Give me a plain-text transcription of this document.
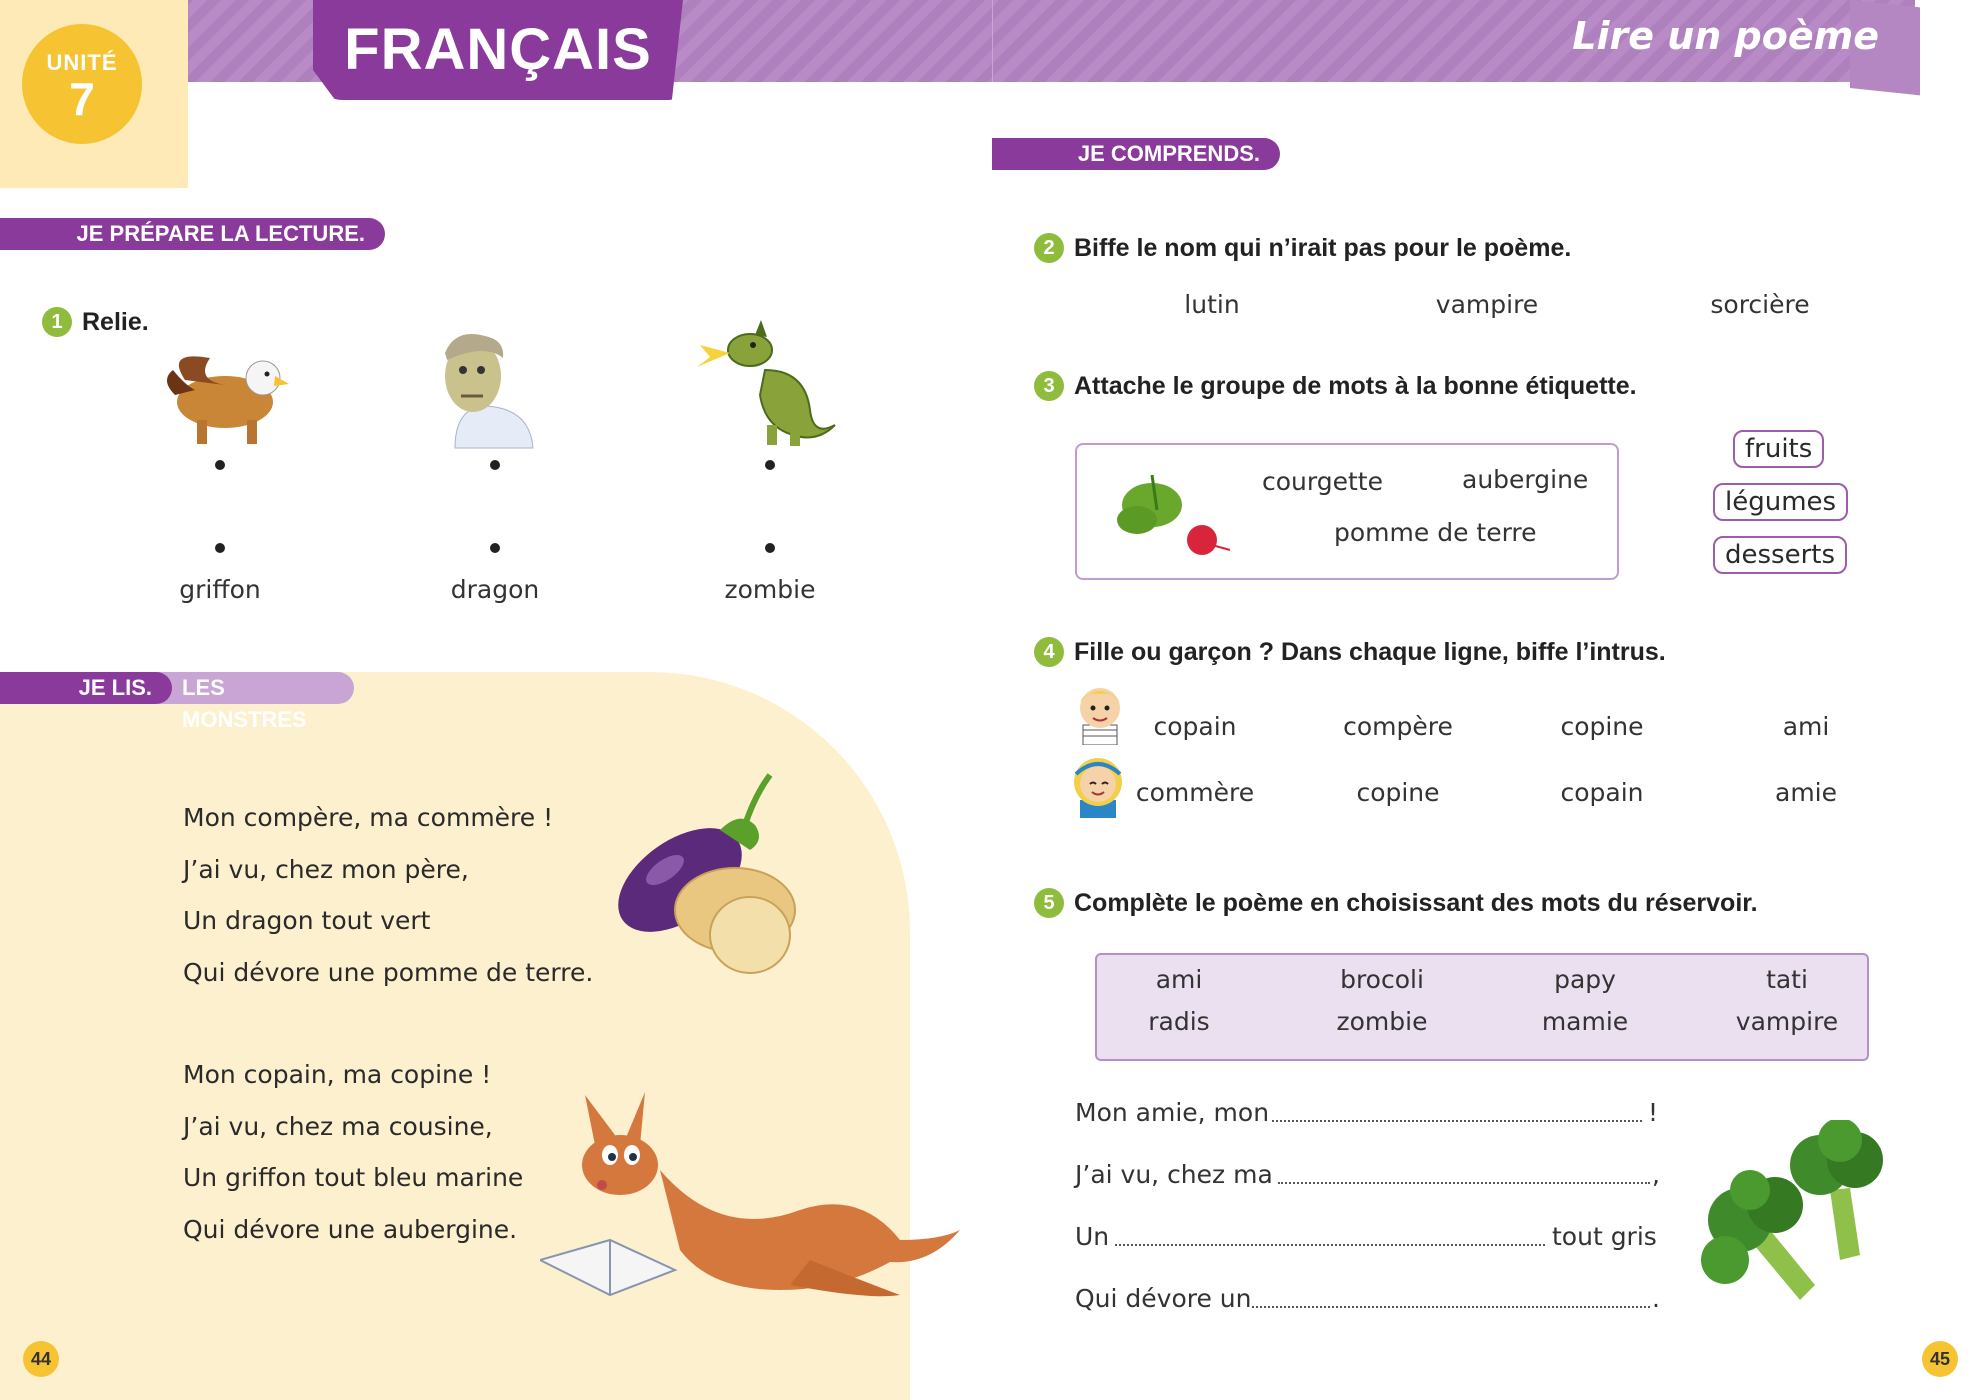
UNITÉ
7
FRANÇAIS	Lire un poème
JE PRÉPARE LA LECTURE.
1 Relie.
griffon	dragon	zombie
JE LIS.	LES MONSTRES
Mon compère, ma commère !
J’ai vu, chez mon père,
Un dragon tout vert
Qui dévore une pomme de terre.
Mon copain, ma copine !
J’ai vu, chez ma cousine,
Un griffon tout bleu marine
Qui dévore une aubergine.
44
JE COMPRENDS.
2 Biffe le nom qui n’irait pas pour le poème.
lutin	vampire	sorcière
3 Attache le groupe de mots à la bonne étiquette.
courgette	aubergine
pomme de terre
fruits
légumes
desserts
4 Fille ou garçon ? Dans chaque ligne, biffe l’intrus.
copain	compère	copine	ami
commère	copine	copain	amie
5 Complète le poème en choisissant des mots du réservoir.
ami	brocoli	papy	tati
radis	zombie	mamie	vampire
Mon amie, mon	!
J’ai vu, chez ma	,
Un	tout gris
Qui dévore un	.
45
